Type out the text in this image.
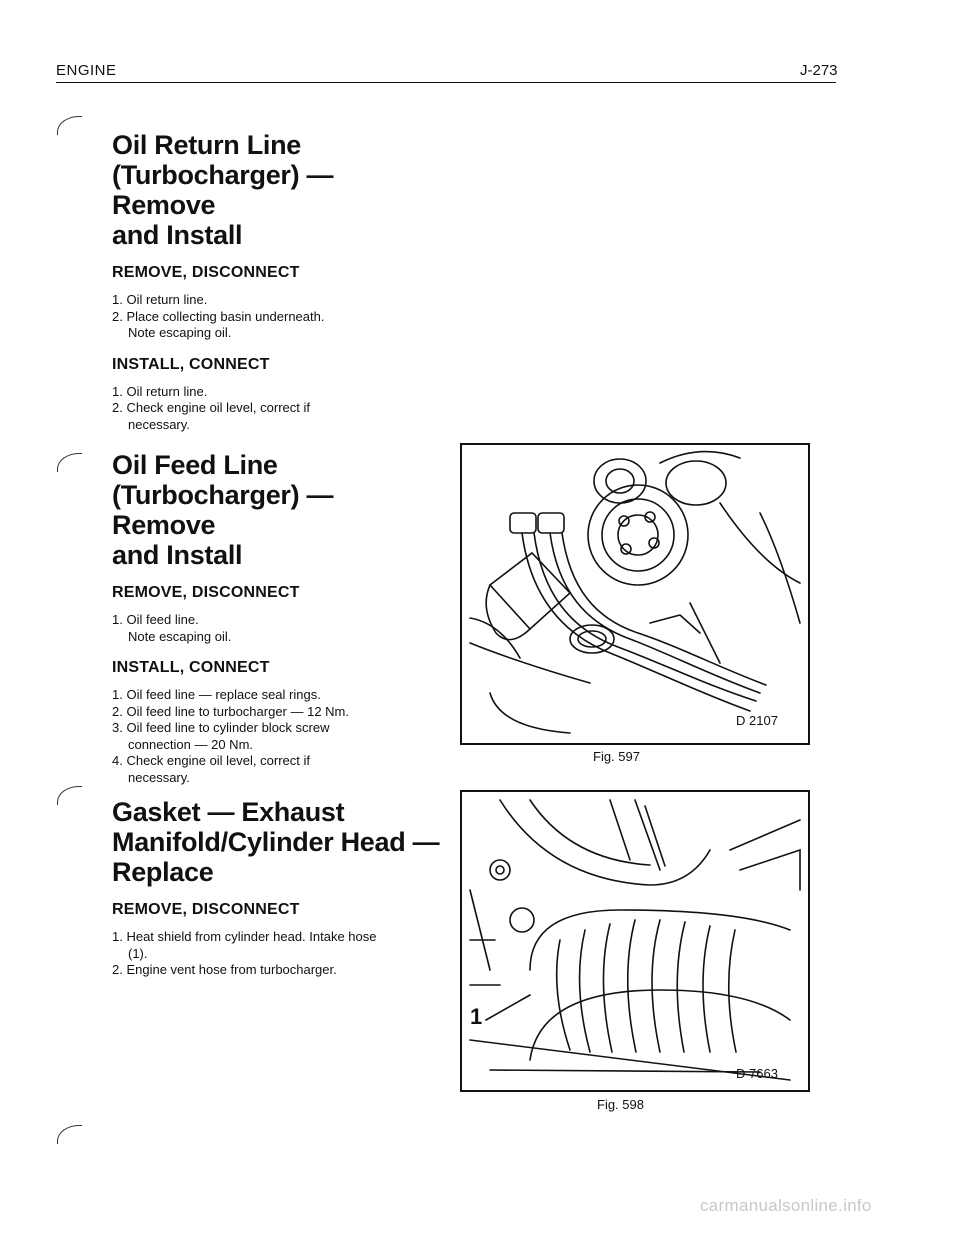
ENGINE	J-273
Oil Return Line
(Turbocharger) — Remove
and Install

REMOVE, DISCONNECT

1. Oil return line.
2. Place collecting basin underneath.
Note escaping oil.

INSTALL, CONNECT

1. Oil return line.
2. Check engine oil level, correct if necessary.
Oil Feed Line
(Turbocharger) — Remove
and Install

REMOVE, DISCONNECT

1. Oil feed line.
Note escaping oil.

INSTALL, CONNECT

1. Oil feed line — replace seal rings.
2. Oil feed line to turbocharger — 12 Nm.
3. Oil feed line to cylinder block screw connection — 20 Nm.
4. Check engine oil level, correct if necessary.
Gasket — Exhaust
Manifold/Cylinder Head —
Replace

REMOVE, DISCONNECT

1. Heat shield from cylinder head. Intake hose (1).
2. Engine vent hose from turbocharger.
D 2107
Fig. 597
1
D 7663
Fig. 598
carmanualsonline.info
